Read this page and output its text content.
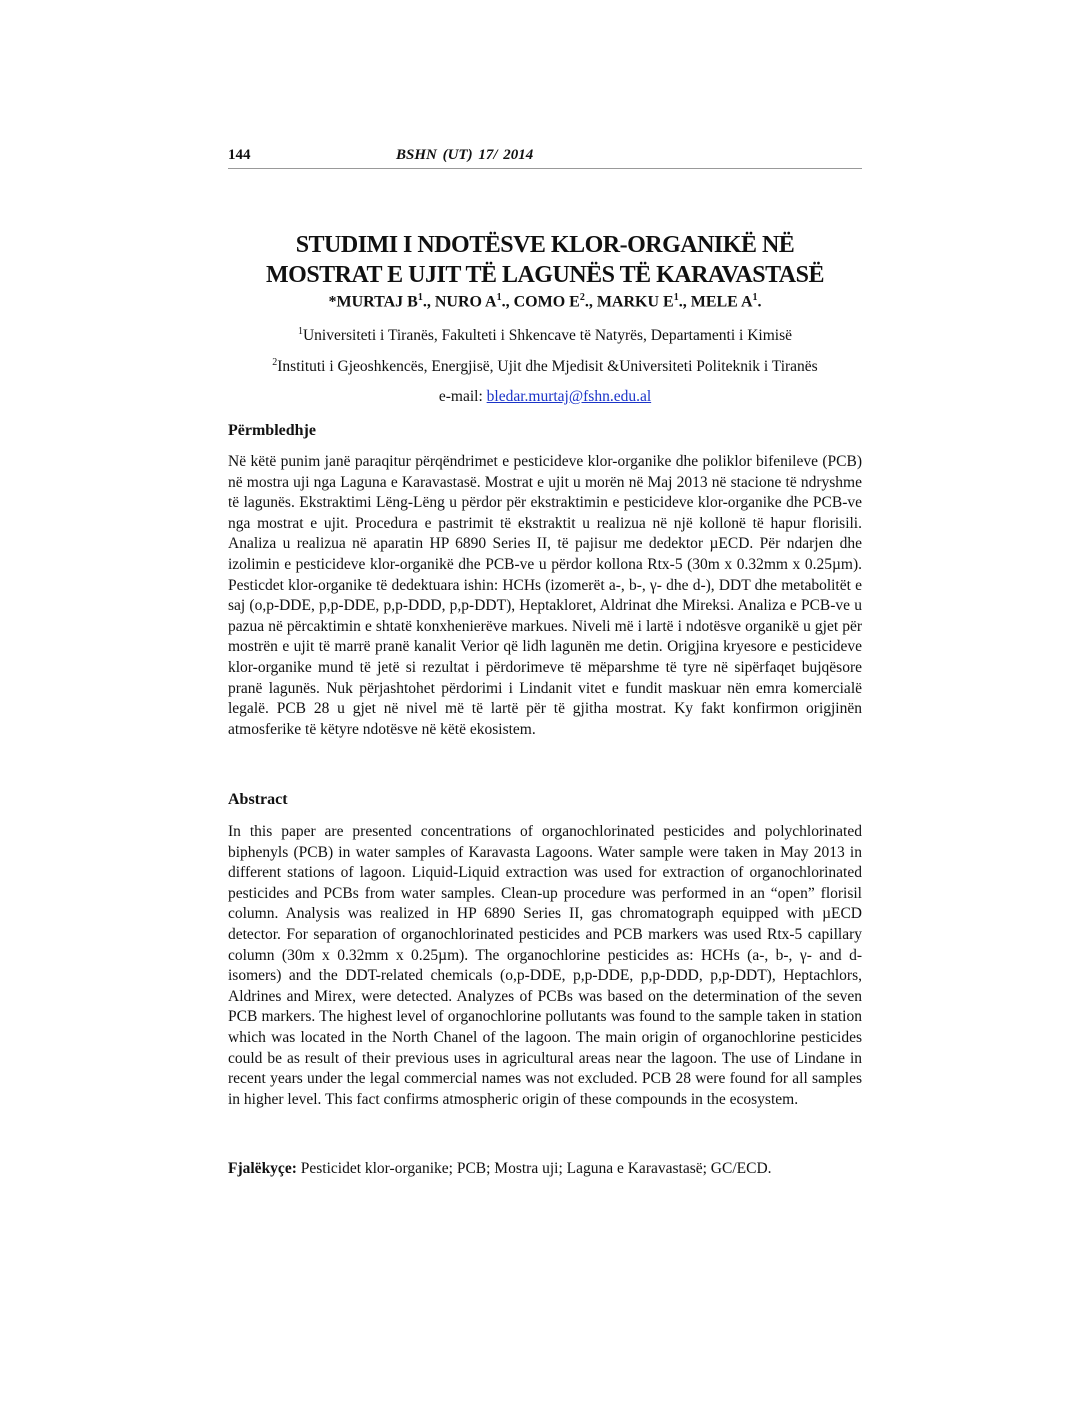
144	BSHN (UT) 17/ 2014
STUDIMI I NDOTËSVE KLOR-ORGANIKË NË
MOSTRAT E UJIT TË LAGUNËS TË KARAVASTASË
*MURTAJ $B^1$., NURO $A^1$., COMO $E^2$., MARKU $E^1$., MELE $A^1$.
$^1$Universiteti i Tiranës, Fakulteti i Shkencave të Natyrës, Departamenti i Kimisë
$^2$Instituti i Gjeoshkencës, Energjisë, Ujit dhe Mjedisit &Universiteti Politeknik i Tiranës
e-mail: bledar.murtaj@fshn.edu.al
Përmbledhje

Në këtë punim janë paraqitur përqëndrimet e pesticideve klor-organike dhe poliklor bifenileve (PCB) në mostra uji nga Laguna e Karavastasë. Mostrat e ujit u morën në Maj 2013 në stacione të ndryshme të lagunës. Ekstraktimi Lëng-Lëng u përdor për ekstraktimin e pesticideve klor-organike dhe PCB-ve nga mostrat e ujit. Procedura e pastrimit të ekstraktit u realizua në një kollonë të hapur florisili. Analiza u realizua në aparatin HP 6890 Series II, të pajisur me dedektor µECD. Për ndarjen dhe izolimin e pesticideve klor-organikë dhe PCB-ve u përdor kollona Rtx-5 (30m x 0.32mm x 0.25µm). Pesticdet klor-organike të dedektuara ishin: HCHs (izomerët a-, b-, γ- dhe d-), DDT dhe metabolitët e saj (o,p-DDE, p,p-DDE, p,p-DDD, p,p-DDT), Heptakloret, Aldrinat dhe Mireksi. Analiza e PCB-ve u pazua në përcaktimin e shtatë konxhenierëve markues. Niveli më i lartë i ndotësve organikë u gjet për mostrën e ujit të marrë pranë kanalit Verior që lidh lagunën me detin. Origjina kryesore e pesticideve klor-organike mund të jetë si rezultat i përdorimeve të mëparshme të tyre në sipërfaqet bujqësore pranë lagunës. Nuk përjashtohet përdorimi i Lindanit vitet e fundit maskuar nën emra komercialë legalë. PCB 28 u gjet në nivel më të lartë për të gjitha mostrat. Ky fakt konfirmon origjinën atmosferike të këtyre ndotësve në këtë ekosistem.

Abstract

In this paper are presented concentrations of organochlorinated pesticides and polychlorinated biphenyls (PCB) in water samples of Karavasta Lagoons. Water sample were taken in May 2013 in different stations of lagoon. Liquid-Liquid extraction was used for extraction of organochlorinated pesticides and PCBs from water samples. Clean-up procedure was performed in an “open” florisil column. Analysis was realized in HP 6890 Series II, gas chromatograph equipped with µECD detector. For separation of organochlorinated pesticides and PCB markers was used Rtx-5 capillary column (30m x 0.32mm x 0.25µm). The organochlorine pesticides as: HCHs (a-, b-, γ- and d-isomers) and the DDT-related chemicals (o,p-DDE, p,p-DDE, p,p-DDD, p,p-DDT), Heptachlors, Aldrines and Mirex, were detected. Analyzes of PCBs was based on the determination of the seven PCB markers. The highest level of organochlorine pollutants was found to the sample taken in station which was located in the North Chanel of the lagoon. The main origin of organochlorine pesticides could be as result of their previous uses in agricultural areas near the lagoon. The use of Lindane in recent years under the legal commercial names was not excluded. PCB 28 were found for all samples in higher level. This fact confirms atmospheric origin of these compounds in the ecosystem.

Fjalëkyçe: Pesticidet klor-organike; PCB; Mostra uji; Laguna e Karavastasë; GC/ECD.
